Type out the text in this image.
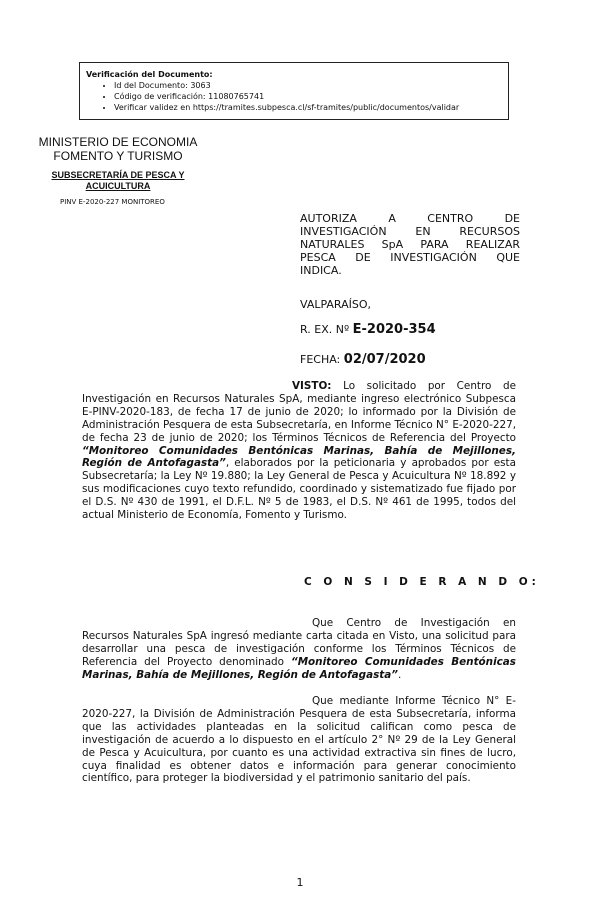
Verificación del Documento:
• Id del Documento: 3063
• Código de verificación: 11080765741
• Verificar validez en https://tramites.subpesca.cl/sf-tramites/public/documentos/validar
MINISTERIO DE ECONOMIA
FOMENTO Y TURISMO
SUBSECRETARÍA DE PESCA Y
ACUICULTURA
PINV E-2020-227 MONITOREO
AUTORIZA A CENTRO DE
INVESTIGACIÓN EN RECURSOS
NATURALES SpA PARA REALIZAR
PESCA DE INVESTIGACIÓN QUE
INDICA.
VALPARAÍSO,
R. EX. Nº E-2020-354
FECHA: 02/07/2020

VISTO: Lo solicitado por Centro de Investigación en Recursos Naturales SpA, mediante ingreso electrónico Subpesca E-PINV-2020-183, de fecha 17 de junio de 2020; lo informado por la División de Administración Pesquera de esta Subsecretaría, en Informe Técnico N° E-2020-227, de fecha 23 de junio de 2020; los Términos Técnicos de Referencia del Proyecto “Monitoreo Comunidades Bentónicas Marinas, Bahía de Mejillones, Región de Antofagasta”, elaborados por la peticionaria y aprobados por esta Subsecretaría; la Ley Nº 19.880; la Ley General de Pesca y Acuicultura Nº 18.892 y sus modificaciones cuyo texto refundido, coordinado y sistematizado fue fijado por el D.S. Nº 430 de 1991, el D.F.L. Nº 5 de 1983, el D.S. Nº 461 de 1995, todos del actual Ministerio de Economía, Fomento y Turismo.

C O N S I D E R A N D O:

Que Centro de Investigación en Recursos Naturales SpA ingresó mediante carta citada en Visto, una solicitud para desarrollar una pesca de investigación conforme los Términos Técnicos de Referencia del Proyecto denominado “Monitoreo Comunidades Bentónicas Marinas, Bahía de Mejillones, Región de Antofagasta”.

Que mediante Informe Técnico N° E-2020-227, la División de Administración Pesquera de esta Subsecretaría, informa que las actividades planteadas en la solicitud califican como pesca de investigación de acuerdo a lo dispuesto en el artículo 2° Nº 29 de la Ley General de Pesca y Acuicultura, por cuanto es una actividad extractiva sin fines de lucro, cuya finalidad es obtener datos e información para generar conocimiento científico, para proteger la biodiversidad y el patrimonio sanitario del país.

1
